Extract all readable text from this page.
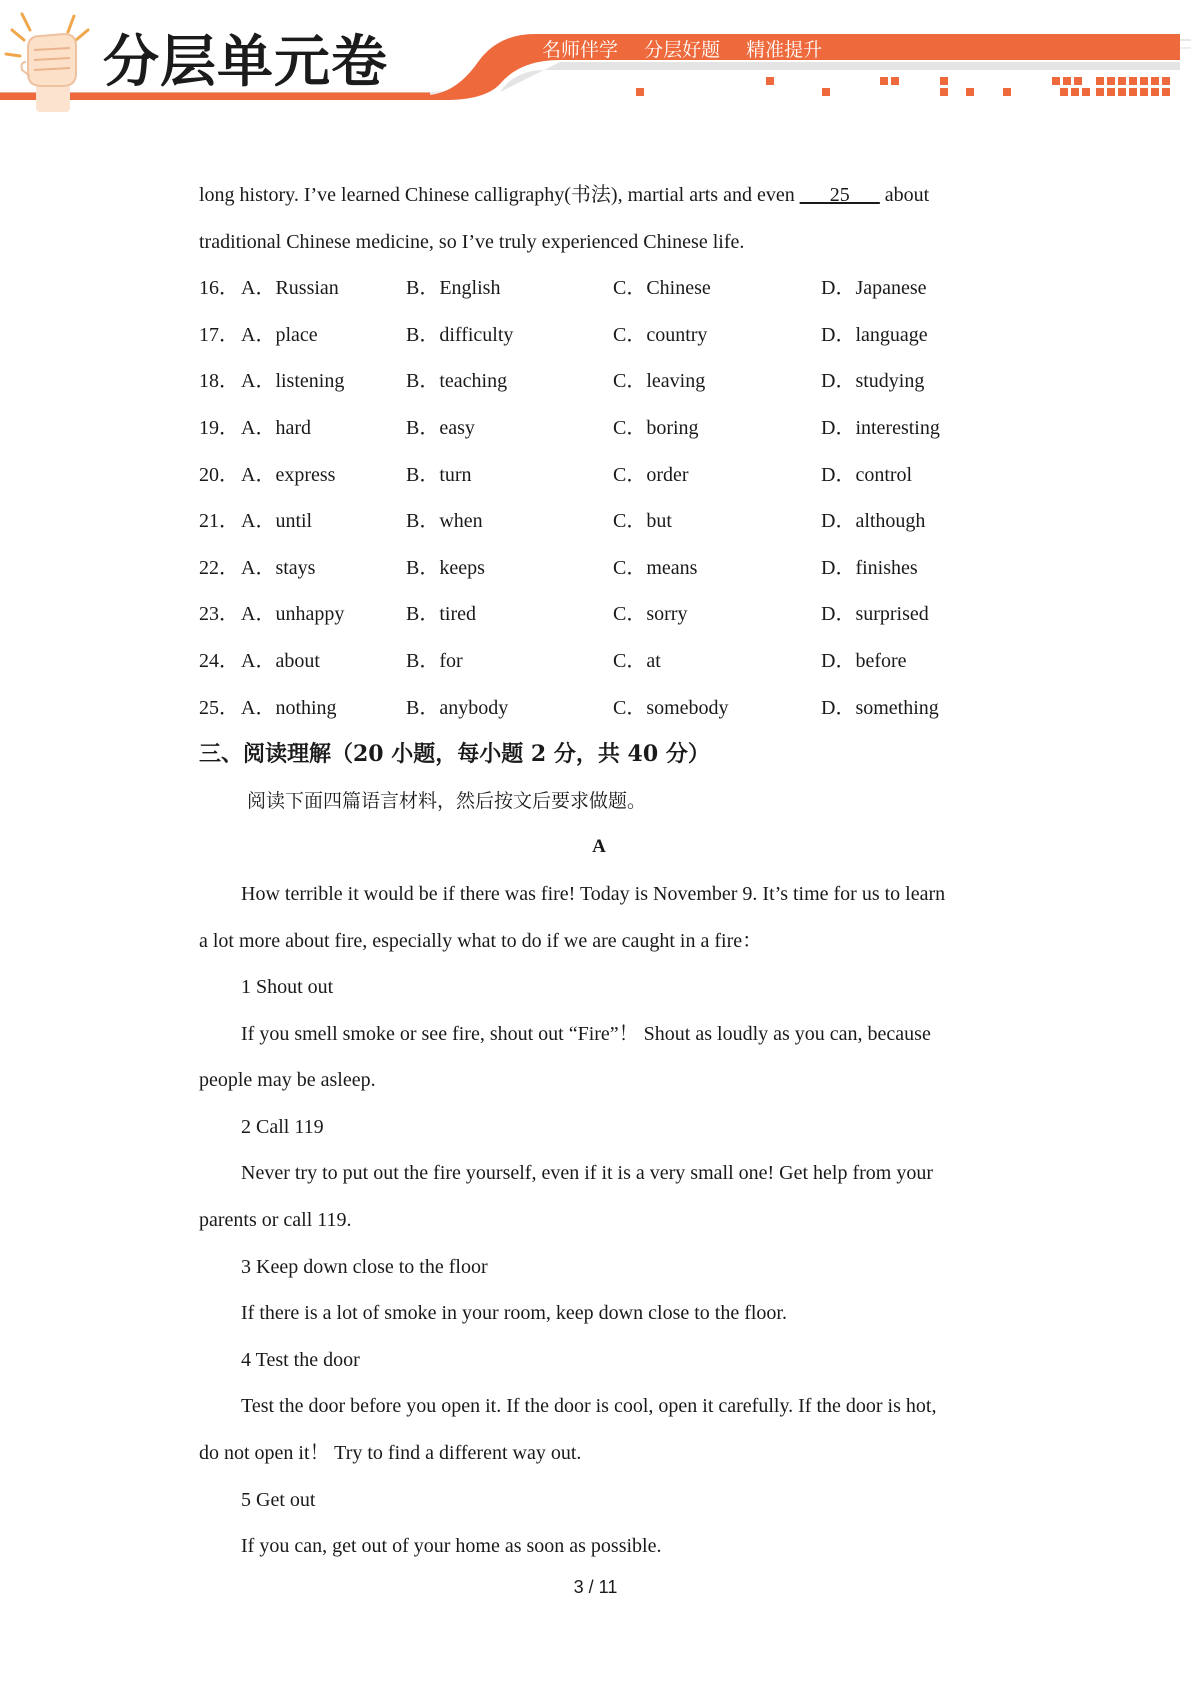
分层单元卷	名师伴学 分层好题 精准提升
long history. I’ve learned Chinese calligraphy(书法), martial arts and even ___25___ about
traditional Chinese medicine, so I’ve truly experienced Chinese life.
16． A．Russian	B．English	C．Chinese	D．Japanese
17． A．place	B．difficulty	C．country	D．language
18． A．listening	B．teaching	C．leaving	D．studying
19． A．hard	B．easy	C．boring	D．interesting
20． A．express	B．turn	C．order	D．control
21． A．until	B．when	C．but	D．although
22． A．stays	B．keeps	C．means	D．finishes
23． A．unhappy	B．tired	C．sorry	D．surprised
24． A．about	B．for	C．at	D．before
25． A．nothing	B．anybody	C．somebody	D．something
三、阅读理解（20 小题，每小题 2 分，共 40 分）
阅读下面四篇语言材料，然后按文后要求做题。
A
How terrible it would be if there was fire! Today is November 9. It’s time for us to learn
a lot more about fire, especially what to do if we are caught in a fire：
1 Shout out
If you smell smoke or see fire, shout out “Fire”！ Shout as loudly as you can, because
people may be asleep.
2 Call 119
Never try to put out the fire yourself, even if it is a very small one! Get help from your
parents or call 119.
3 Keep down close to the floor
If there is a lot of smoke in your room, keep down close to the floor.
4 Test the door
Test the door before you open it. If the door is cool, open it carefully. If the door is hot,
do not open it！ Try to find a different way out.
5 Get out
If you can, get out of your home as soon as possible.
3 / 11
